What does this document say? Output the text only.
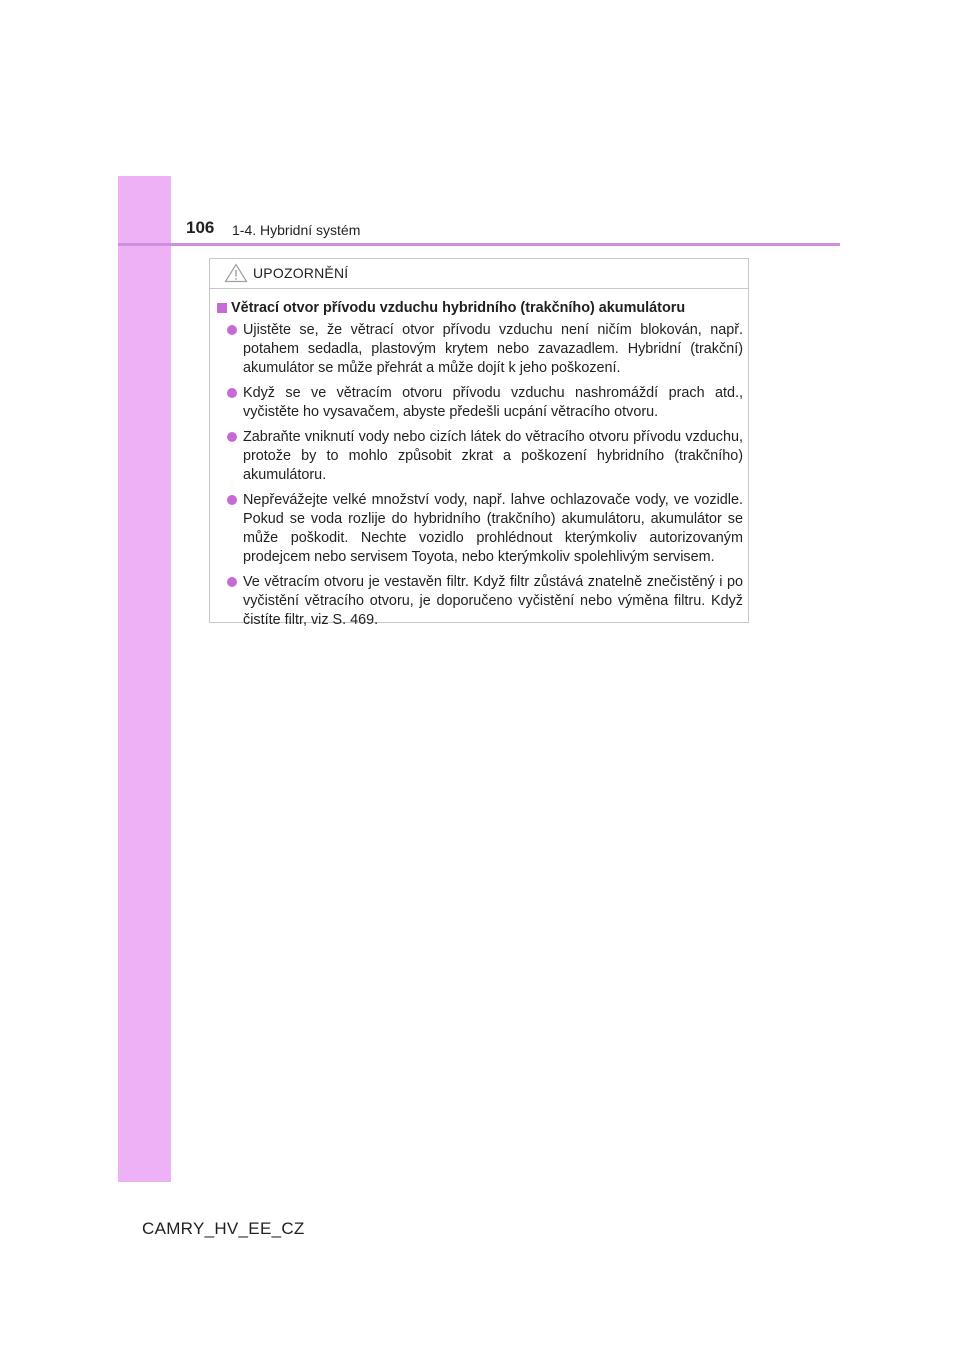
106 1-4. Hybridní systém
UPOZORNĚNÍ
Větrací otvor přívodu vzduchu hybridního (trakčního) akumulátoru
Ujistěte se, že větrací otvor přívodu vzduchu není ničím blokován, např. potahem sedadla, plastovým krytem nebo zavazadlem. Hybridní (trakční) akumulátor se může přehrát a může dojít k jeho poškození.
Když se ve větracím otvoru přívodu vzduchu nashromáždí prach atd., vyčistěte ho vysavačem, abyste předešli ucpání větracího otvoru.
Zabraňte vniknutí vody nebo cizích látek do větracího otvoru přívodu vzduchu, protože by to mohlo způsobit zkrat a poškození hybridního (trakčního) akumulátoru.
Nepřevážejte velké množství vody, např. lahve ochlazovače vody, ve vozidle. Pokud se voda rozlije do hybridního (trakčního) akumulátoru, akumulátor se může poškodit. Nechte vozidlo prohlédnout kterýmkoliv autorizovaným prodejcem nebo servisem Toyota, nebo kterýmkoliv spolehlivým servisem.
Ve větracím otvoru je vestavěn filtr. Když filtr zůstává znatelně znečistěný i po vyčistění větracího otvoru, je doporučeno vyčistění nebo výměna filtru. Když čistíte filtr, viz S. 469.
CAMRY_HV_EE_CZ
